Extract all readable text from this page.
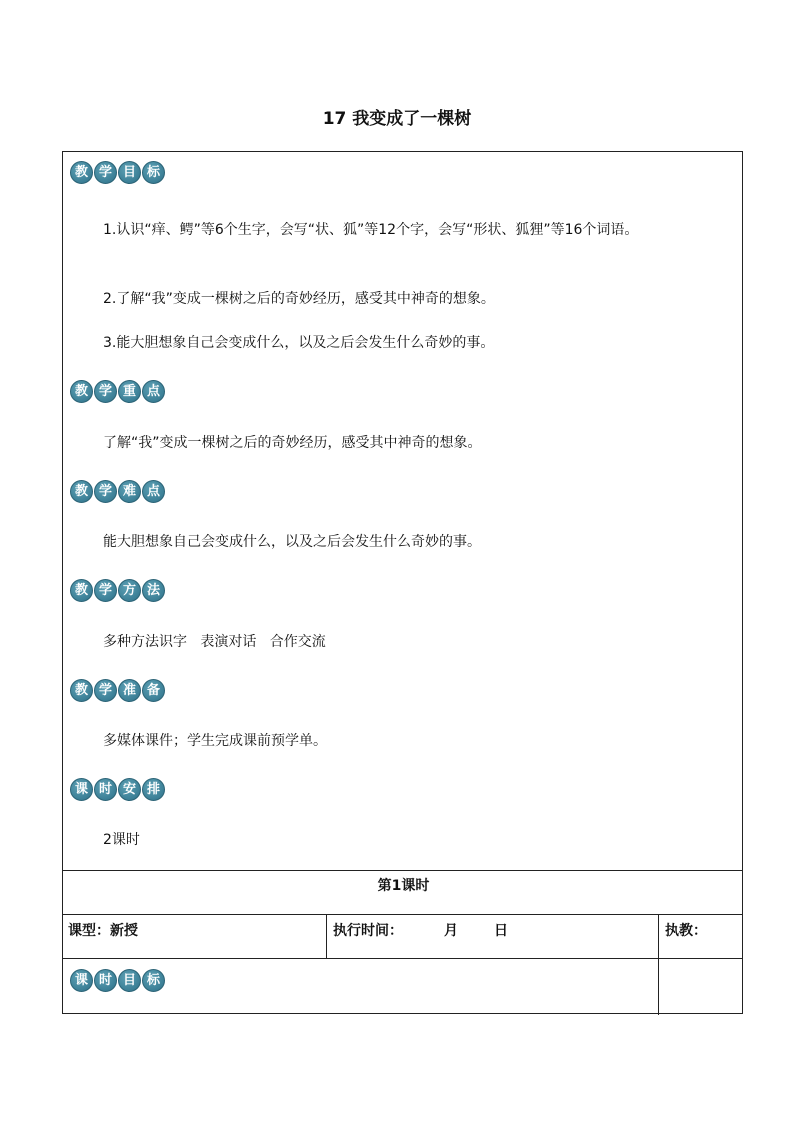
17 我变成了一棵树
教 学 目 标
1.认识“痒、鳄”等6个生字，会写“状、狐”等12个字，会写“形状、狐狸”等16个词语。
2.了解“我”变成一棵树之后的奇妙经历，感受其中神奇的想象。
3.能大胆想象自己会变成什么，以及之后会发生什么奇妙的事。
教 学 重 点
了解“我”变成一棵树之后的奇妙经历，感受其中神奇的想象。
教 学 难 点
能大胆想象自己会变成什么，以及之后会发生什么奇妙的事。
教 学 方 法
多种方法识字   表演对话   合作交流
教 学 准 备
多媒体课件；学生完成课前预学单。
课 时 安 排
2课时
第1课时
课型：新授	执行时间：	月	日	执教：
课 时 目 标
